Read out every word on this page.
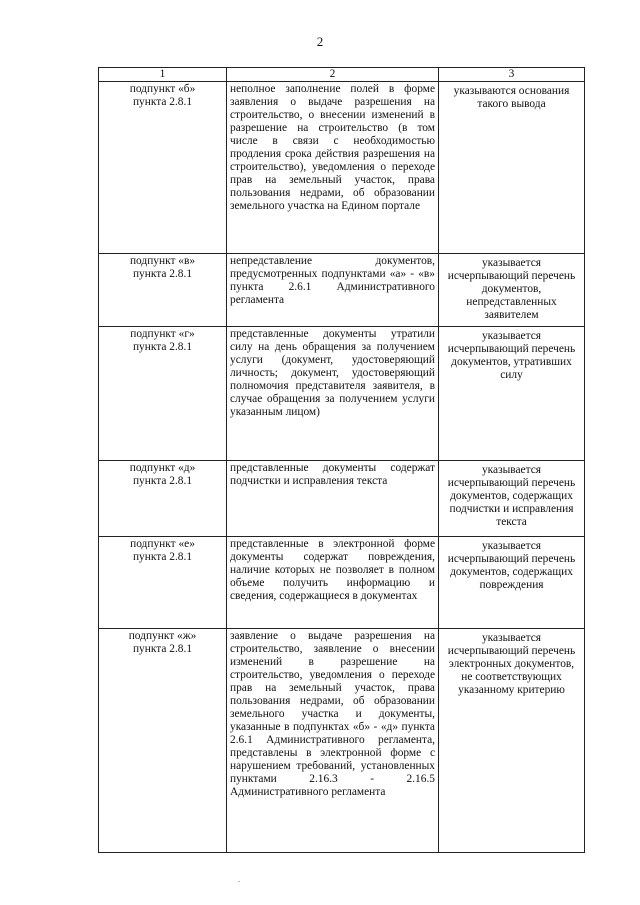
2
1	2	3
подпункт «б»
пункта 2.8.1	неполное заполнение полей в форме заявления о выдаче разрешения на строительство, о внесении изменений в разрешение на строительство (в том числе в связи с необходимостью продления срока действия разрешения на строительство), уведомления о переходе прав на земельный участок, права пользования недрами, об образовании земельного участка на Едином портале	указываются основания такого вывода
подпункт «в»
пункта 2.8.1	непредставление документов, предусмотренных подпунктами «а» - «в» пункта 2.6.1 Административного регламента	указывается исчерпывающий перечень документов, непредставленных заявителем
подпункт «г»
пункта 2.8.1	представленные документы утратили силу на день обращения за получением услуги (документ, удостоверяющий личность; документ, удостоверяющий полномочия представителя заявителя, в случае обращения за получением услуги указанным лицом)	указывается исчерпывающий перечень документов, утративших силу
подпункт «д»
пункта 2.8.1	представленные документы содержат подчистки и исправления текста	указывается исчерпывающий перечень документов, содержащих подчистки и исправления текста
подпункт «е»
пункта 2.8.1	представленные в электронной форме документы содержат повреждения, наличие которых не позволяет в полном объеме получить информацию и сведения, содержащиеся в документах	указывается исчерпывающий перечень документов, содержащих повреждения
подпункт «ж»
пункта 2.8.1	заявление о выдаче разрешения на строительство, заявление о внесении изменений в разрешение на строительство, уведомления о переходе прав на земельный участок, права пользования недрами, об образовании земельного участка и документы, указанные в подпунктах «б» - «д» пункта 2.6.1 Административного регламента, представлены в электронной форме с нарушением требований, установленных пунктами 2.16.3 - 2.16.5 Административного регламента	указывается исчерпывающий перечень электронных документов, не соответствующих указанному критерию
